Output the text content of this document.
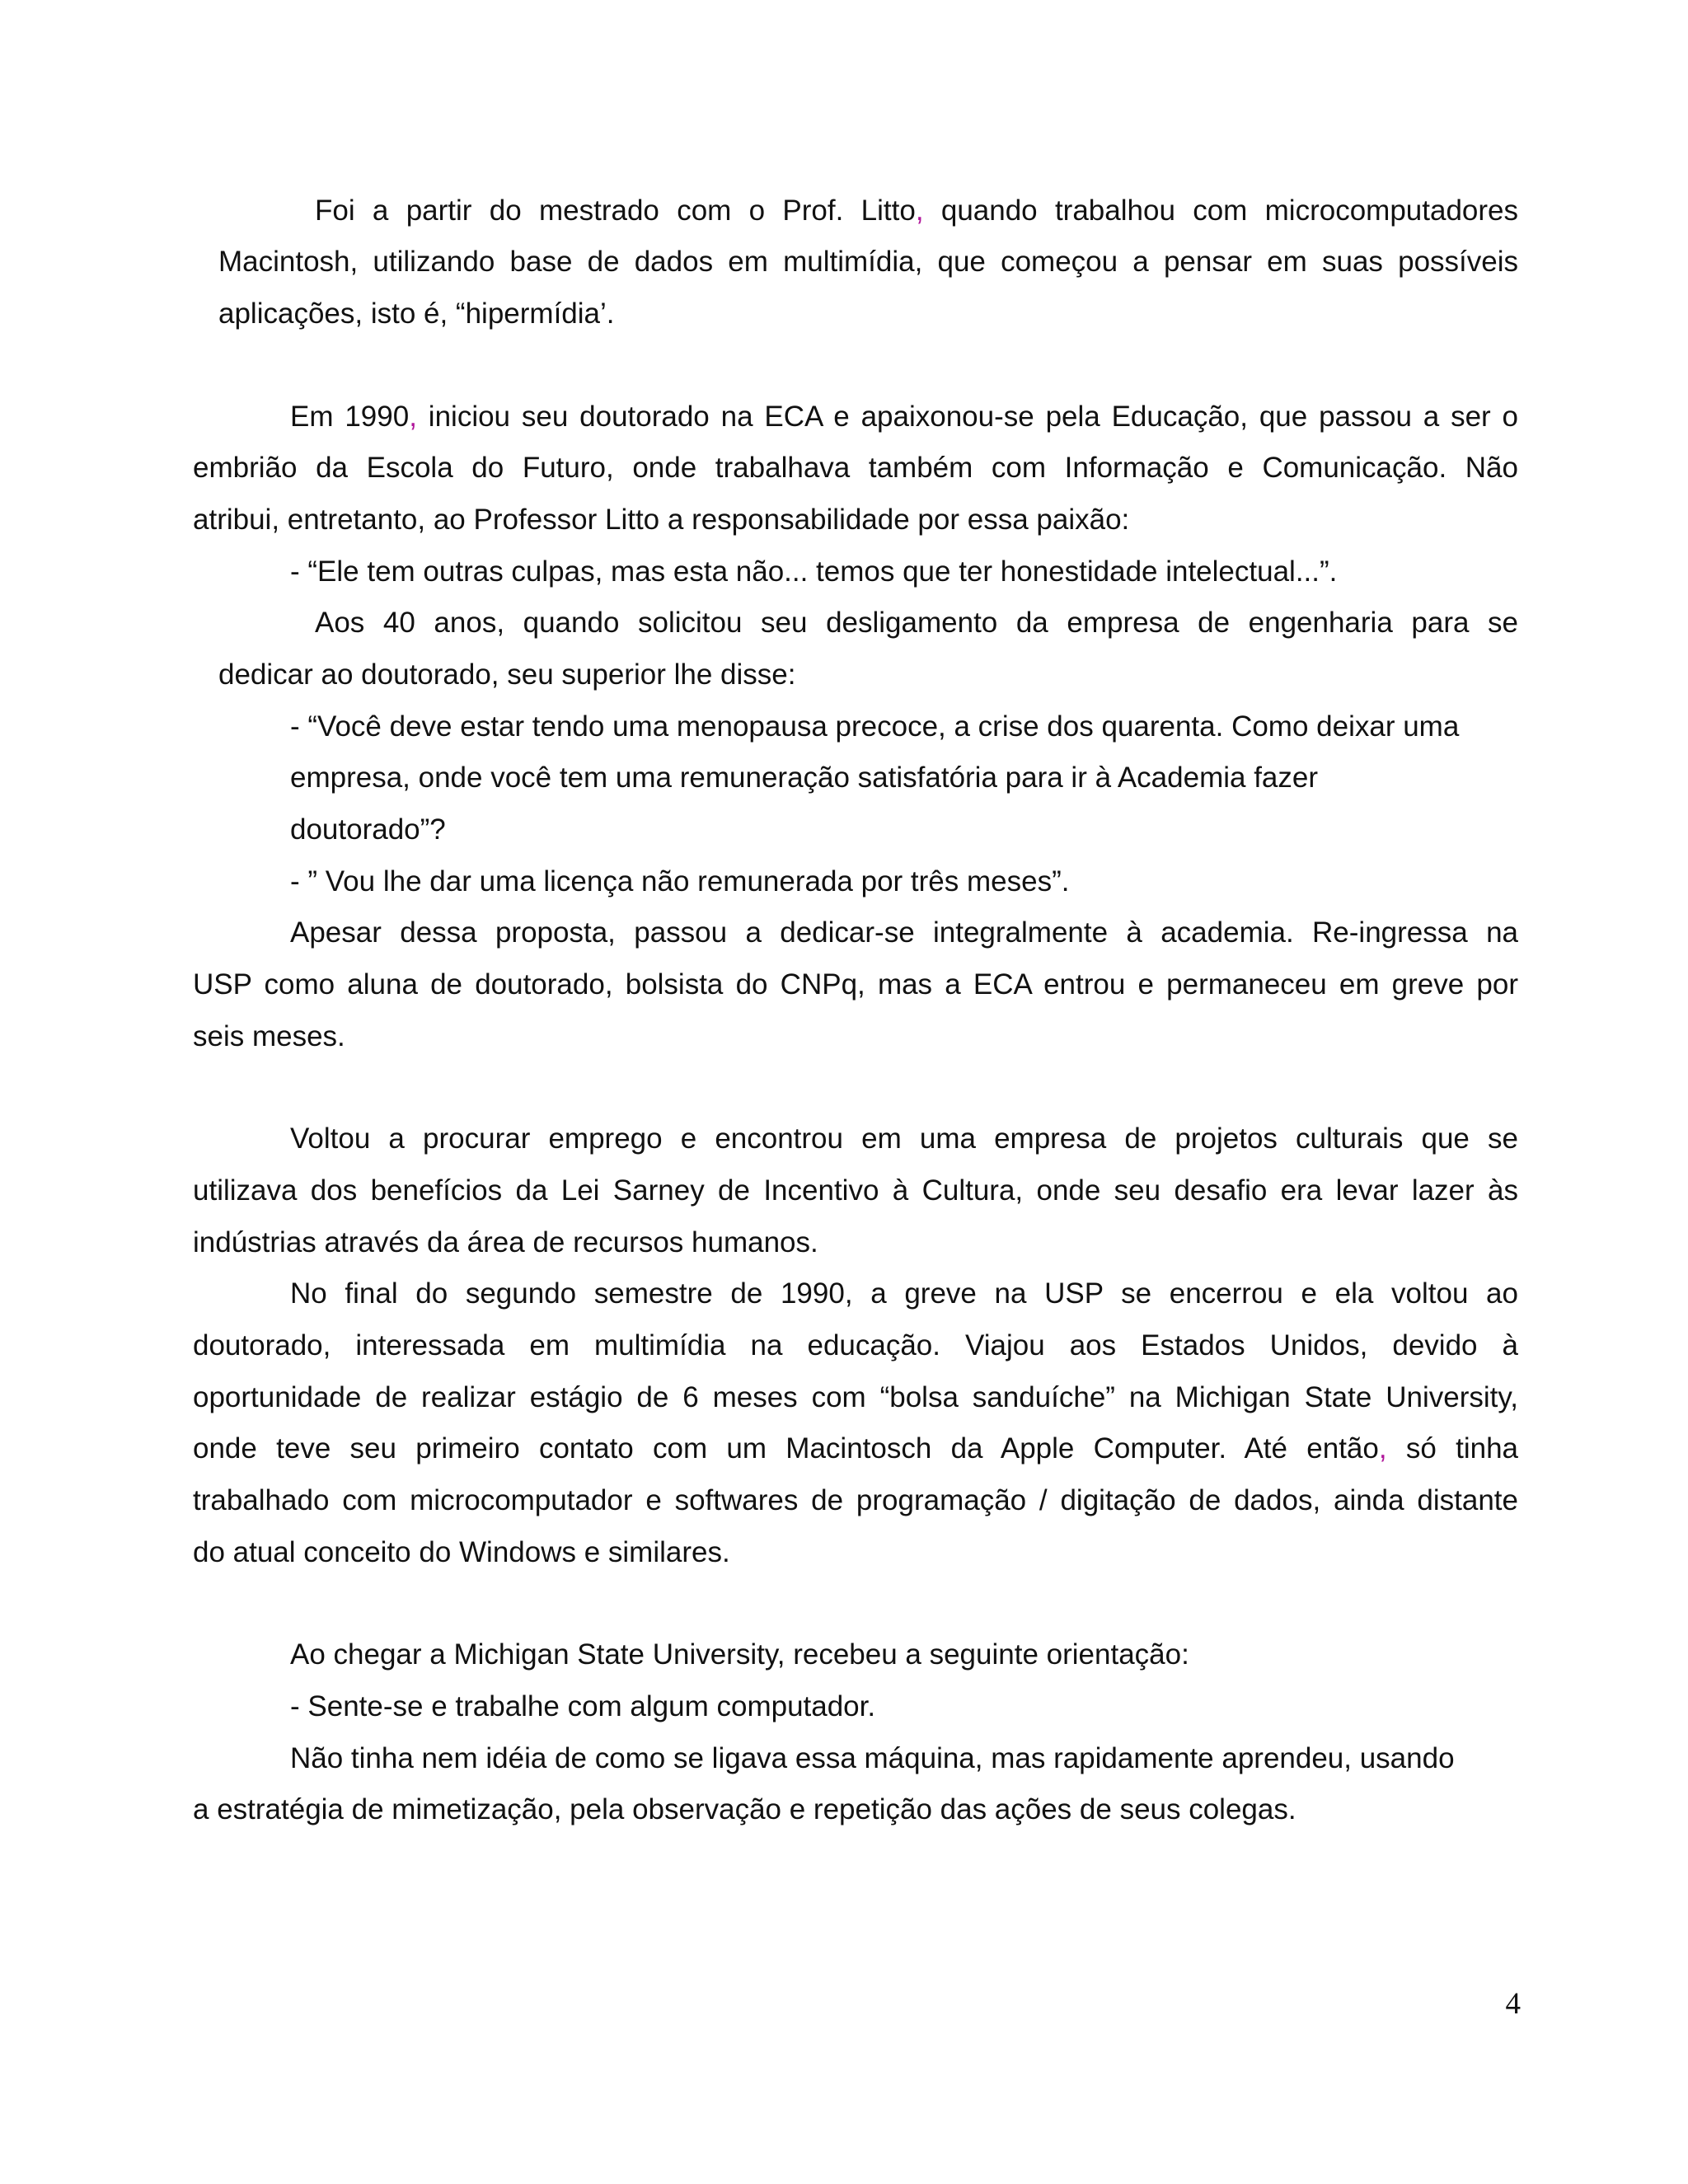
Foi a partir do mestrado com o Prof. Litto, quando trabalhou com microcomputadores
Macintosh, utilizando base de dados em multimídia, que começou a pensar em suas possíveis
aplicações, isto é, “hipermídia’.
Em 1990, iniciou seu doutorado na ECA e apaixonou-se pela Educação, que passou a ser o
embrião da Escola do Futuro, onde trabalhava também com Informação e Comunicação. Não
atribui, entretanto, ao Professor Litto a responsabilidade por essa paixão:
- “Ele tem outras culpas, mas esta não... temos que ter honestidade intelectual...”.
Aos 40 anos, quando solicitou seu desligamento da empresa de engenharia para se
dedicar ao doutorado, seu superior lhe disse:
- “Você deve estar tendo uma menopausa precoce, a crise dos quarenta. Como deixar uma
empresa, onde você tem uma remuneração satisfatória para ir à Academia fazer
doutorado”?
- ” Vou lhe dar uma licença não remunerada por três meses”.
Apesar dessa proposta, passou a dedicar-se integralmente à academia. Re-ingressa na
USP como aluna de doutorado, bolsista do CNPq, mas a ECA entrou e permaneceu em greve por
seis meses.
Voltou a procurar emprego e encontrou em uma empresa de projetos culturais que se
utilizava dos benefícios da Lei Sarney de Incentivo à Cultura, onde seu desafio era levar lazer às
indústrias através da área de recursos humanos.
No final do segundo semestre de 1990, a greve na USP se encerrou e ela voltou ao
doutorado, interessada em multimídia na educação. Viajou aos Estados Unidos, devido à
oportunidade de realizar estágio de 6 meses com “bolsa sanduíche” na Michigan State University,
onde teve seu primeiro contato com um Macintosch da Apple Computer. Até então, só tinha
trabalhado com microcomputador e softwares de programação / digitação de dados, ainda distante
do atual conceito do Windows e similares.
Ao chegar a Michigan State University, recebeu a seguinte orientação:
- Sente-se e trabalhe com algum computador.
Não tinha nem idéia de como se ligava essa máquina, mas rapidamente aprendeu, usando
a estratégia de mimetização, pela observação e repetição das ações de seus colegas.
4
